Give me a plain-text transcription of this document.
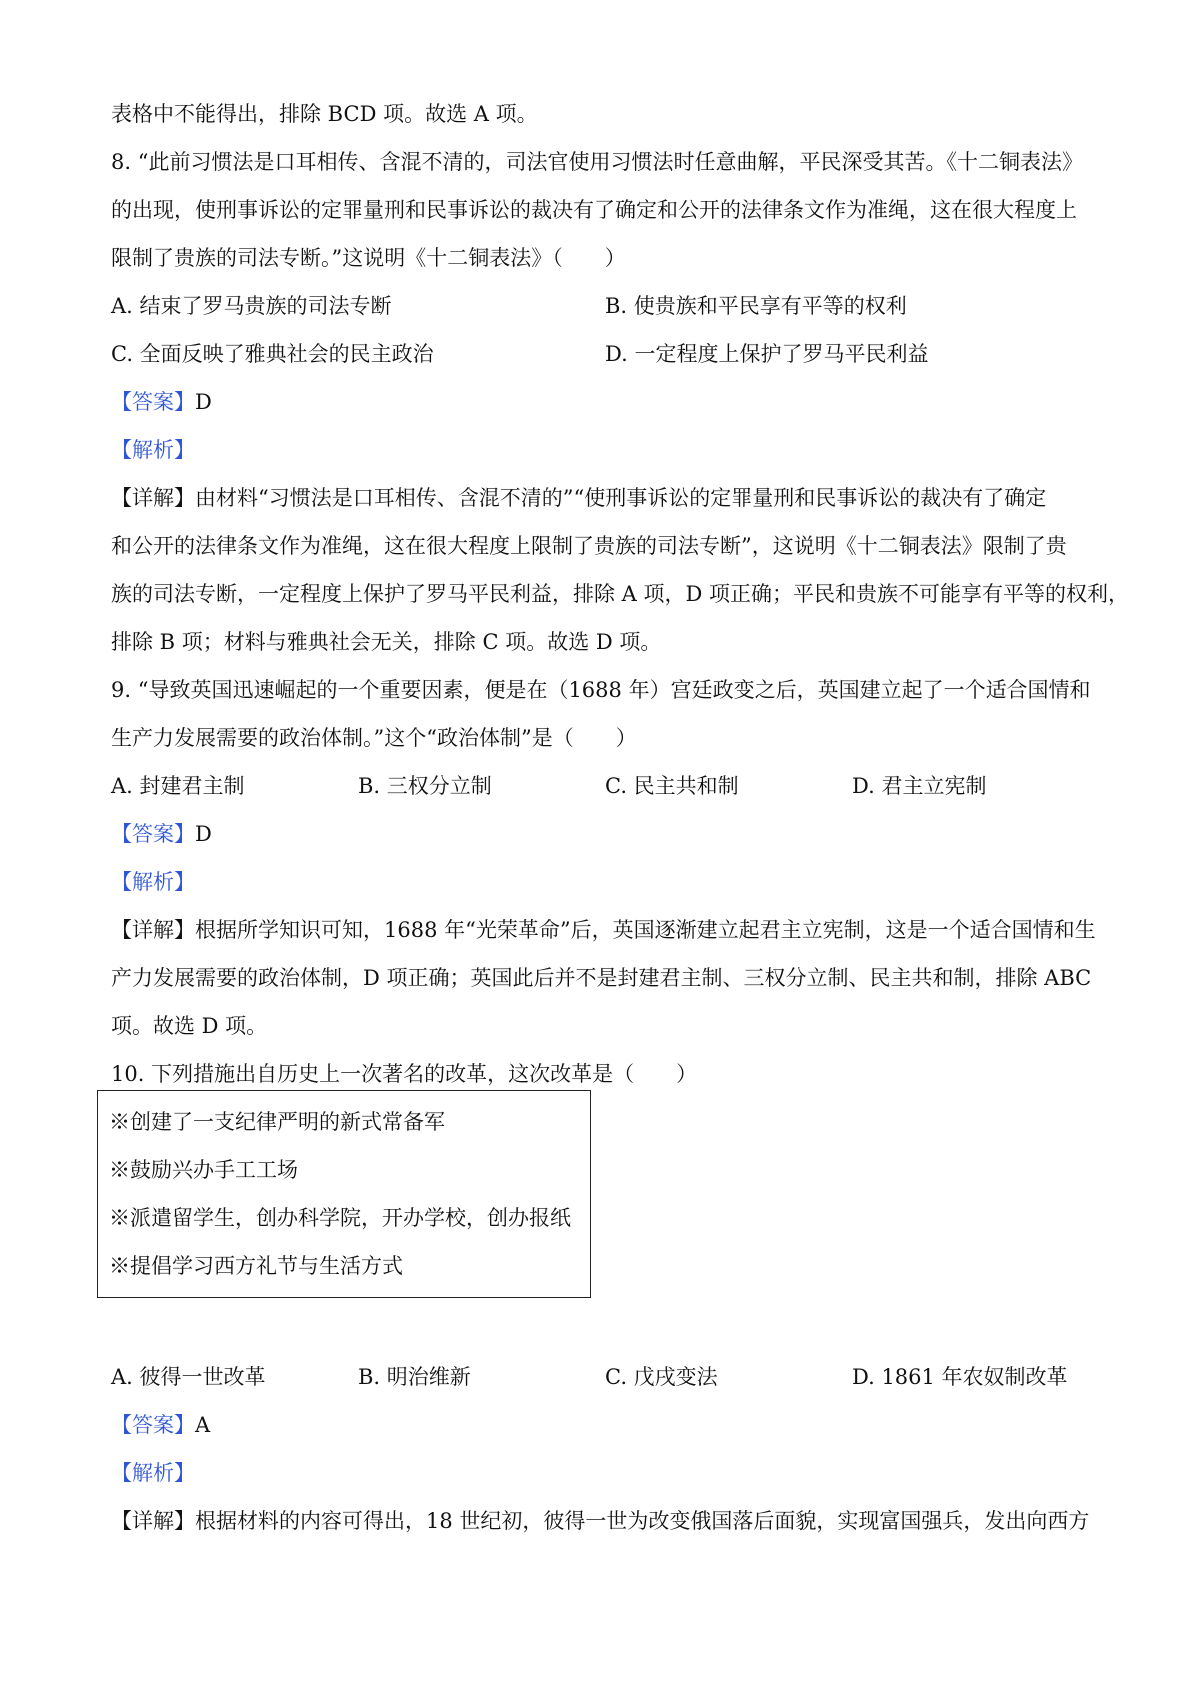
表格中不能得出，排除 BCD 项。故选 A 项。
8. “此前习惯法是口耳相传、含混不清的，司法官使用习惯法时任意曲解，平民深受其苦。《十二铜表法》
的出现，使刑事诉讼的定罪量刑和民事诉讼的裁决有了确定和公开的法律条文作为准绳，这在很大程度上
限制了贵族的司法专断。”这说明《十二铜表法》（　　）
A. 结束了罗马贵族的司法专断	B. 使贵族和平民享有平等的权利
C. 全面反映了雅典社会的民主政治	D. 一定程度上保护了罗马平民利益
【答案】D
【解析】
【详解】由材料“习惯法是口耳相传、含混不清的”“使刑事诉讼的定罪量刑和民事诉讼的裁决有了确定
和公开的法律条文作为准绳，这在很大程度上限制了贵族的司法专断”，这说明《十二铜表法》限制了贵
族的司法专断，一定程度上保护了罗马平民利益，排除 A 项，D 项正确；平民和贵族不可能享有平等的权利，
排除 B 项；材料与雅典社会无关，排除 C 项。故选 D 项。
9. “导致英国迅速崛起的一个重要因素，便是在（1688 年）宫廷政变之后，英国建立起了一个适合国情和
生产力发展需要的政治体制。”这个“政治体制”是（　　）
A. 封建君主制	B. 三权分立制	C. 民主共和制	D. 君主立宪制
【答案】D
【解析】
【详解】根据所学知识可知，1688 年“光荣革命”后，英国逐渐建立起君主立宪制，这是一个适合国情和生
产力发展需要的政治体制，D 项正确；英国此后并不是封建君主制、三权分立制、民主共和制，排除 ABC
项。故选 D 项。
10. 下列措施出自历史上一次著名的改革，这次改革是（　　）
※创建了一支纪律严明的新式常备军
※鼓励兴办手工工场
※派遣留学生，创办科学院，开办学校，创办报纸
※提倡学习西方礼节与生活方式
A. 彼得一世改革	B. 明治维新	C. 戊戌变法	D. 1861 年农奴制改革
【答案】A
【解析】
【详解】根据材料的内容可得出，18 世纪初，彼得一世为改变俄国落后面貌，实现富国强兵，发出向西方
